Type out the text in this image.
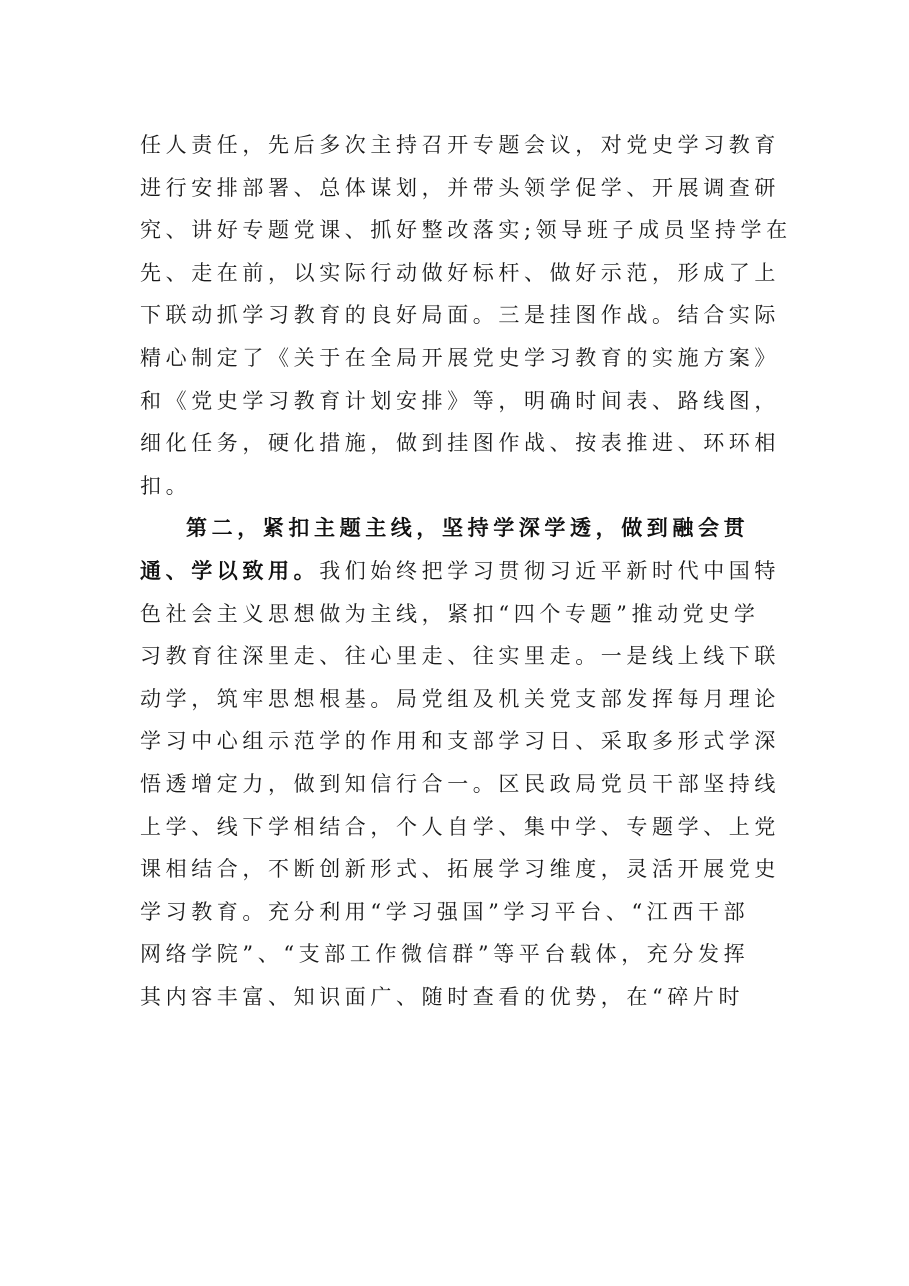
任人责任，先后多次主持召开专题会议，对党史学习教育
进行安排部署、总体谋划，并带头领学促学、开展调查研
究、讲好专题党课、抓好整改落实;领导班子成员坚持学在
先、走在前，以实际行动做好标杆、做好示范，形成了上
下联动抓学习教育的良好局面。三是挂图作战。结合实际
精心制定了《关于在全局开展党史学习教育的实施方案》
和《党史学习教育计划安排》等，明确时间表、路线图，
细化任务，硬化措施，做到挂图作战、按表推进、环环相
扣。
第二，紧扣主题主线，坚持学深学透，做到融会贯
通、学以致用。我们始终把学习贯彻习近平新时代中国特
色社会主义思想做为主线，紧扣“四个专题”推动党史学
习教育往深里走、往心里走、往实里走。一是线上线下联
动学，筑牢思想根基。局党组及机关党支部发挥每月理论
学习中心组示范学的作用和支部学习日、采取多形式学深
悟透增定力，做到知信行合一。区民政局党员干部坚持线
上学、线下学相结合，个人自学、集中学、专题学、上党
课相结合，不断创新形式、拓展学习维度，灵活开展党史
学习教育。充分利用“学习强国”学习平台、“江西干部
网络学院”、“支部工作微信群”等平台载体，充分发挥
其内容丰富、知识面广、随时查看的优势，在“碎片时
